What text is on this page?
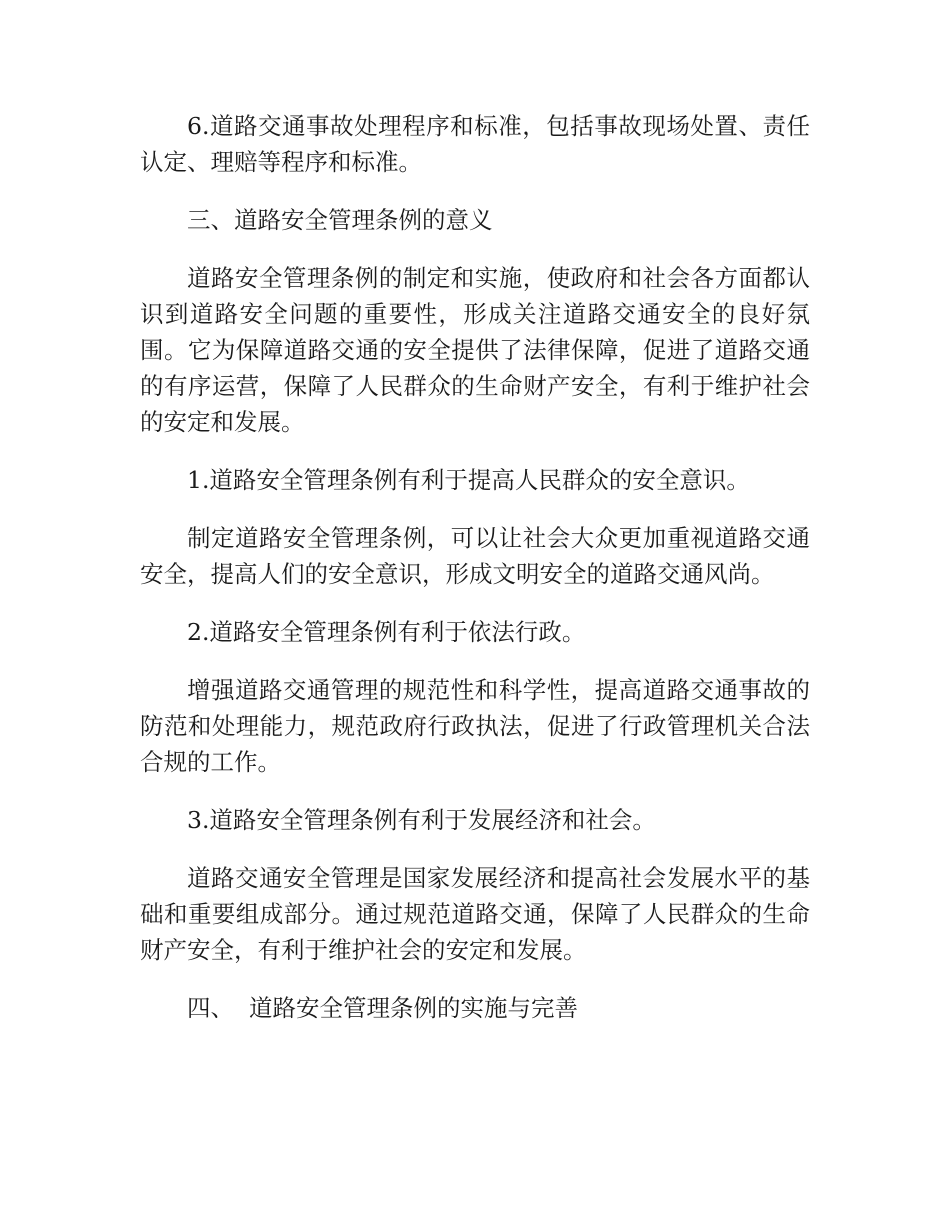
6.道路交通事故处理程序和标准，包括事故现场处置、责任认定、理赔等程序和标准。

三、道路安全管理条例的意义

道路安全管理条例的制定和实施，使政府和社会各方面都认识到道路安全问题的重要性，形成关注道路交通安全的良好氛围。它为保障道路交通的安全提供了法律保障，促进了道路交通的有序运营，保障了人民群众的生命财产安全，有利于维护社会的安定和发展。

1.道路安全管理条例有利于提高人民群众的安全意识。

制定道路安全管理条例，可以让社会大众更加重视道路交通安全，提高人们的安全意识，形成文明安全的道路交通风尚。

2.道路安全管理条例有利于依法行政。

增强道路交通管理的规范性和科学性，提高道路交通事故的防范和处理能力，规范政府行政执法，促进了行政管理机关合法合规的工作。

3.道路安全管理条例有利于发展经济和社会。

道路交通安全管理是国家发展经济和提高社会发展水平的基础和重要组成部分。通过规范道路交通，保障了人民群众的生命财产安全，有利于维护社会的安定和发展。

四、  道路安全管理条例的实施与完善
